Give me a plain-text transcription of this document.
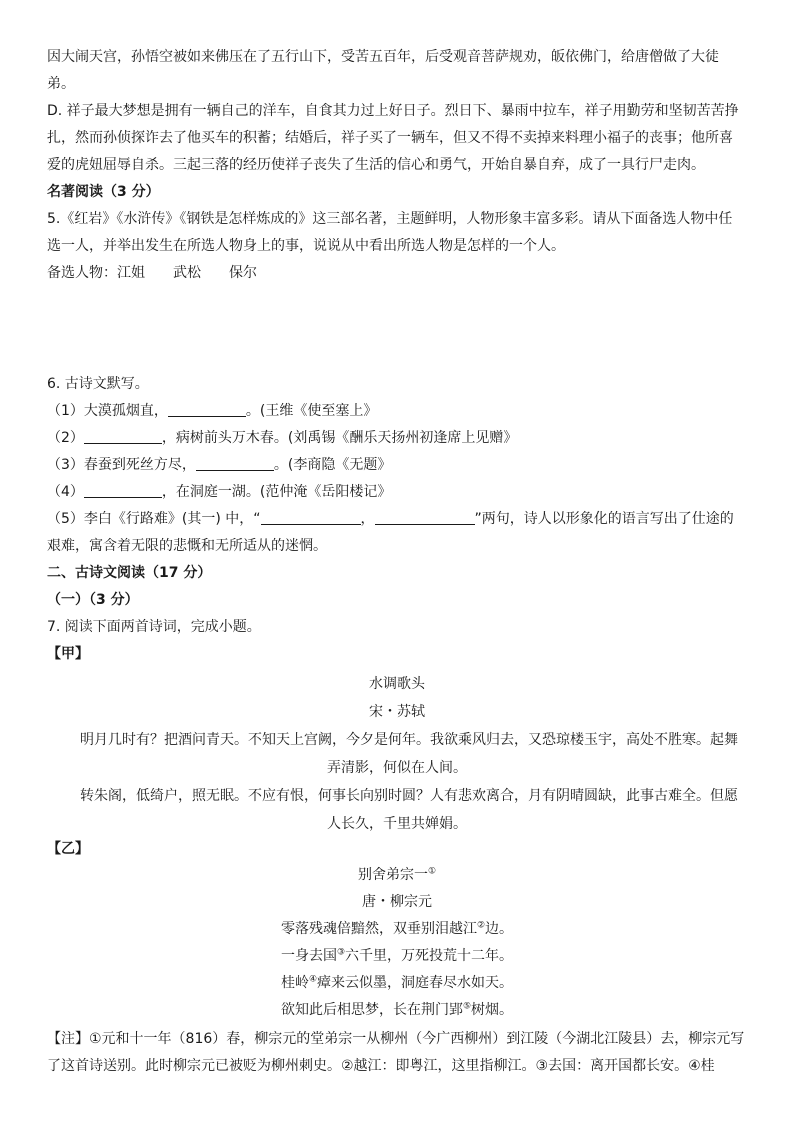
因大闹天宫，孙悟空被如来佛压在了五行山下，受苦五百年，后受观音菩萨规劝，皈依佛门，给唐僧做了大徒
弟。
D. 祥子最大梦想是拥有一辆自己的洋车，自食其力过上好日子。烈日下、暴雨中拉车，祥子用勤劳和坚韧苦苦挣
扎，然而孙侦探诈去了他买车的积蓄；结婚后，祥子买了一辆车，但又不得不卖掉来料理小福子的丧事；他所喜
爱的虎妞屈辱自杀。三起三落的经历使祥子丧失了生活的信心和勇气，开始自暴自弃，成了一具行尸走肉。
名著阅读（3 分）
5.《红岩》《水浒传》《钢铁是怎样炼成的》这三部名著，主题鲜明，人物形象丰富多彩。请从下面备选人物中任
选一人，并举出发生在所选人物身上的事，说说从中看出所选人物是怎样的一个人。
备选人物：江姐　　武松　　保尔
6. 古诗文默写。
（1）大漠孤烟直，	。(王维《使至塞上》
（2）	，病树前头万木春。(刘禹锡《酬乐天扬州初逢席上见赠》
（3）春蚕到死丝方尽，	。(李商隐《无题》
（4）	，在洞庭一湖。(范仲淹《岳阳楼记》
（5）李白《行路难》(其一) 中，“	，	”两句，诗人以形象化的语言写出了仕途的
艰难，寓含着无限的悲慨和无所适从的迷惘。
二、古诗文阅读（17 分）
（一）（3 分）
7. 阅读下面两首诗词，完成小题。
【甲】
水调歌头
宋・苏轼
明月几时有？把酒问青天。不知天上宫阙，今夕是何年。我欲乘风归去，又恐琼楼玉宇，高处不胜寒。起舞
弄清影，何似在人间。
转朱阁，低绮户，照无眠。不应有恨，何事长向别时圆？人有悲欢离合，月有阴晴圆缺，此事古难全。但愿
人长久，千里共婵娟。
【乙】
别舍弟宗一①
唐・柳宗元
零落残魂倍黯然，双垂别泪越江②边。
一身去国③六千里，万死投荒十二年。
桂岭④瘴来云似墨，洞庭春尽水如天。
欲知此后相思梦，长在荆门郢⑤树烟。
【注】①元和十一年（816）春，柳宗元的堂弟宗一从柳州（今广西柳州）到江陵（今湖北江陵县）去，柳宗元写
了这首诗送别。此时柳宗元已被贬为柳州刺史。②越江：即粤江，这里指柳江。③去国：离开国都长安。④桂
